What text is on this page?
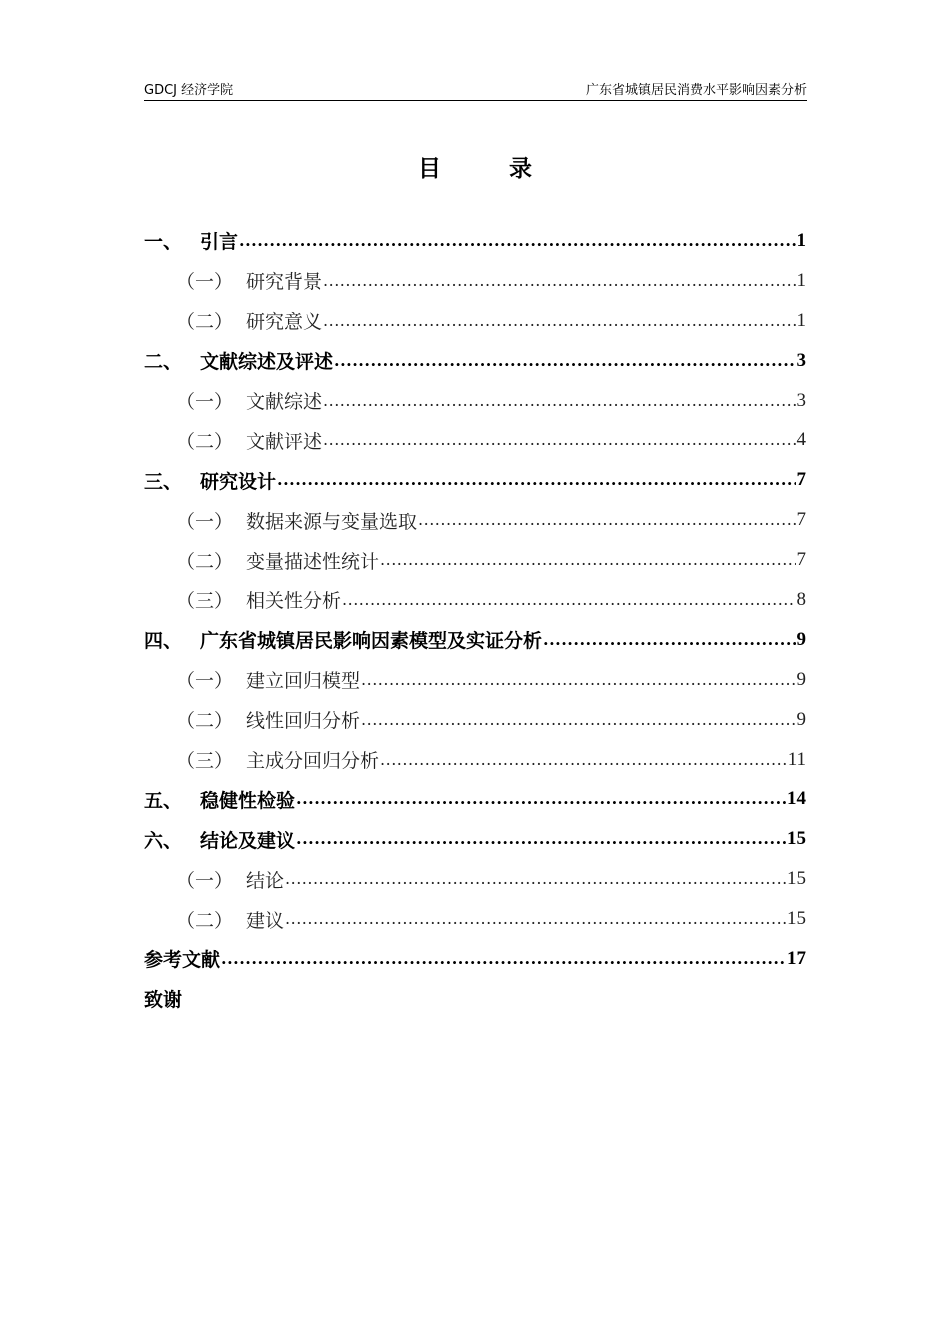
GDCJ 经济学院	广东省城镇居民消费水平影响因素分析
目 录
一、 引言 .....	1
（一） 研究背景 .....	1
（二） 研究意义 .....	1
二、 文献综述及评述 .....	3
（一） 文献综述 .....	3
（二） 文献评述 .....	4
三、 研究设计 .....	7
（一） 数据来源与变量选取 .....	7
（二） 变量描述性统计 .....	7
（三） 相关性分析 .....	8
四、 广东省城镇居民影响因素模型及实证分析 .....	9
（一） 建立回归模型 .....	9
（二） 线性回归分析 .....	9
（三） 主成分回归分析 .....	11
五、 稳健性检验 .....	14
六、 结论及建议 .....	15
（一） 结论 .....	15
（二） 建议 .....	15
参考文献 .....	17
致谢
